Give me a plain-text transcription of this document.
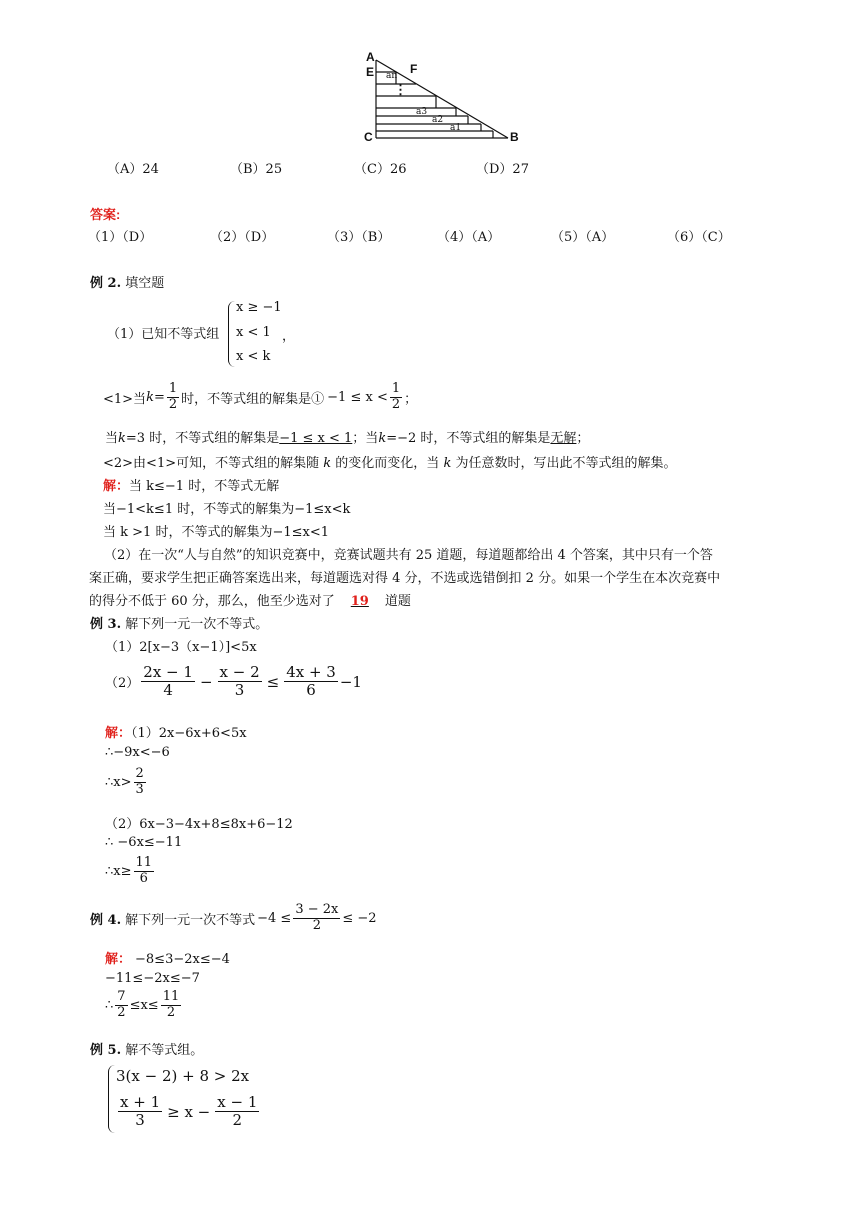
A
E	F
C	B
an
⋮
a3
a2
a1
（A）24	（B）25	（C）26	（D）27
答案:
（1）（D）	（2）（D）	（3）（B）	（4）（A）	（5）（A）	（6）（C）
例 2. 填空题
（1）已知不等式组
x ≥ −1
x < 1 ，
x < k
<1>当 $k = \frac{1}{2}$ 时，不等式组的解集是① $-1 \le x < \frac{1}{2}$ ；
当k=3 时，不等式组的解集是−1 ≤ x < 1；当k=−2 时，不等式组的解集是无解；
<2>由<1>可知，不等式组的解集随 k 的变化而变化，当 k 为任意数时，写出此不等式组的解集。
解：当 k≤−1 时，不等式无解
当−1<k≤1 时，不等式的解集为−1≤x<k
当 k >1 时，不等式的解集为−1≤x<1
（2）在一次“人与自然”的知识竞赛中，竞赛试题共有 25 道题，每道题都给出 4 个答案，其中只有一个答
案正确，要求学生把正确答案选出来，每道题选对得 4 分，不选或选错倒扣 2 分。如果一个学生在本次竞赛中
的得分不低于 60 分，那么，他至少选对了 19 道题
例 3. 解下列一元一次不等式。
（1）2[x−3（x−1）]<5x
$(2) \frac{2x - 1}{4} - \frac{x - 2}{3} \le \frac{4x + 3}{6} -1$
解：（1）2x−6x+6<5x
∴−9x<−6
∴x> $\frac{2}{3}$
（2）6x−3−4x+8≤8x+6−12
∴ −6x≤−11
∴x≥ $\frac{11}{6}$
例 4. 解下列一元一次不等式 $-4 \le \frac{3 - 2x}{2} \le -2$
解： −8≤3−2x≤−4
−11≤−2x≤−7
∴ $\frac{7}{2} \le x\le \frac{11}{2}$
例 5. 解不等式组。
3(x − 2) + 8 > 2x
$\frac{x + 1}{3} \ge x - \frac{x - 1}{2}$
